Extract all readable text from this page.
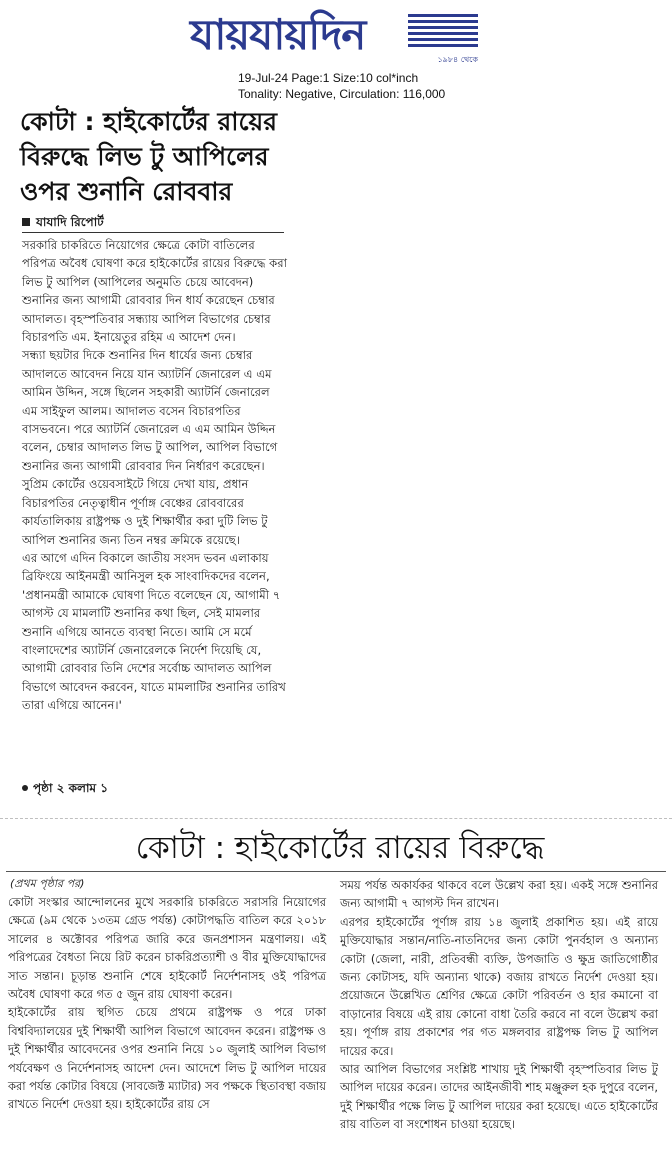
যায়যায়দিন
১৯৮৪ থেকে
19-Jul-24 Page:1 Size:10 col*inch
Tonality: Negative, Circulation: 116,000
কোটা : হাইকোর্টের রায়ের
বিরুদ্ধে লিভ টু আপিলের
ওপর শুনানি রোববার
যাযাদি রিপোর্ট

সরকারি চাকরিতে নিয়োগের ক্ষেত্রে কোটা বাতিলের পরিপত্র অবৈধ ঘোষণা করে হাইকোর্টের রায়ের বিরুদ্ধে করা লিভ টু আপিল (আপিলের অনুমতি চেয়ে আবেদন) শুনানির জন্য আগামী রোববার দিন ধার্য করেছেন চেম্বার আদালত। বৃহস্পতিবার সন্ধ্যায় আপিল বিভাগের চেম্বার বিচারপতি এম. ইনায়েতুর রহিম এ আদেশ দেন।

সন্ধ্যা ছয়টার দিকে শুনানির দিন ধার্যের জন্য চেম্বার আদালতে আবেদন নিয়ে যান অ্যাটর্নি জেনারেল এ এম আমিন উদ্দিন, সঙ্গে ছিলেন সহকারী অ্যাটর্নি জেনারেল এম সাইফুল আলম। আদালত বসেন বিচারপতির বাসভবনে। পরে অ্যাটর্নি জেনারেল এ এম আমিন উদ্দিন বলেন, চেম্বার আদালত লিভ টু আপিল, আপিল বিভাগে শুনানির জন্য আগামী রোববার দিন নির্ধারণ করেছেন।

সুপ্রিম কোর্টের ওয়েবসাইটে গিয়ে দেখা যায়, প্রধান বিচারপতির নেতৃত্বাধীন পূর্ণাঙ্গ বেঞ্চের রোববারের কার্যতালিকায় রাষ্ট্রপক্ষ ও দুই শিক্ষার্থীর করা দুটি লিভ টু আপিল শুনানির জন্য তিন নম্বর ক্রমিকে রয়েছে।

এর আগে এদিন বিকালে জাতীয় সংসদ ভবন এলাকায় ব্রিফিংয়ে আইনমন্ত্রী আনিসুল হক সাংবাদিকদের বলেন, 'প্রধানমন্ত্রী আমাকে ঘোষণা দিতে বলেছেন যে, আগামী ৭ আগস্ট যে মামলাটি শুনানির কথা ছিল, সেই মামলার শুনানি এগিয়ে আনতে ব্যবস্থা নিতে। আমি সে মর্মে বাংলাদেশের অ্যাটর্নি জেনারেলকে নির্দেশ দিয়েছি যে, আগামী রোববার তিনি দেশের সর্বোচ্চ আদালত আপিল বিভাগে আবেদন করবেন, যাতে মামলাটির শুনানির তারিখ তারা এগিয়ে আনেন।'

পৃষ্ঠা ২ কলাম ১
কোটা : হাইকোর্টের রায়ের বিরুদ্ধে
(প্রথম পৃষ্ঠার পর)

কোটা সংস্কার আন্দোলনের মুখে সরকারি চাকরিতে সরাসরি নিয়োগের ক্ষেত্রে (৯ম থেকে ১৩তম গ্রেড পর্যন্ত) কোটাপদ্ধতি বাতিল করে ২০১৮ সালের ৪ অক্টোবর পরিপত্র জারি করে জনপ্রশাসন মন্ত্রণালয়। এই পরিপত্রের বৈধতা নিয়ে রিট করেন চাকরিপ্রত্যাশী ও বীর মুক্তিযোদ্ধাদের সাত সন্তান। চূড়ান্ত শুনানি শেষে হাইকোর্ট নির্দেশনাসহ ওই পরিপত্র অবৈধ ঘোষণা করে গত ৫ জুন রায় ঘোষণা করেন।

হাইকোর্টের রায় স্থগিত চেয়ে প্রথমে রাষ্ট্রপক্ষ ও পরে ঢাকা বিশ্ববিদ্যালয়ের দুই শিক্ষার্থী আপিল বিভাগে আবেদন করেন। রাষ্ট্রপক্ষ ও দুই শিক্ষার্থীর আবেদনের ওপর শুনানি নিয়ে ১০ জুলাই আপিল বিভাগ পর্যবেক্ষণ ও নির্দেশনাসহ আদেশ দেন। আদেশে লিভ টু আপিল দায়ের করা পর্যন্ত কোটার বিষয়ে (সাবজেক্ট ম্যাটার) সব পক্ষকে স্থিতাবস্থা বজায় রাখতে নির্দেশ দেওয়া হয়। হাইকোর্টের রায় সে

সময় পর্যন্ত অকার্যকর থাকবে বলে উল্লেখ করা হয়। একই সঙ্গে শুনানির জন্য আগামী ৭ আগস্ট দিন রাখেন।

এরপর হাইকোর্টের পূর্ণাঙ্গ রায় ১৪ জুলাই প্রকাশিত হয়। এই রায়ে মুক্তিযোদ্ধার সন্তান/নাতি-নাতনিদের জন্য কোটা পুনর্বহাল ও অন্যান্য কোটা (জেলা, নারী, প্রতিবন্ধী ব্যক্তি, উপজাতি ও ক্ষুদ্র জাতিগোষ্ঠীর জন্য কোটাসহ, যদি অন্যান্য থাকে) বজায় রাখতে নির্দেশ দেওয়া হয়। প্রয়োজনে উল্লেখিত শ্রেণির ক্ষেত্রে কোটা পরিবর্তন ও হার কমানো বা বাড়ানোর বিষয়ে এই রায় কোনো বাধা তৈরি করবে না বলে উল্লেখ করা হয়। পূর্ণাঙ্গ রায় প্রকাশের পর গত মঙ্গলবার রাষ্ট্রপক্ষ লিভ টু আপিল দায়ের করে।

আর আপিল বিভাগের সংশ্লিষ্ট শাখায় দুই শিক্ষার্থী বৃহস্পতিবার লিভ টু আপিল দায়ের করেন। তাদের আইনজীবী শাহ মঞ্জুরুল হক দুপুরে বলেন, দুই শিক্ষার্থীর পক্ষে লিভ টু আপিল দায়ের করা হয়েছে। এতে হাইকোর্টের রায় বাতিল বা সংশোধন চাওয়া হয়েছে।
